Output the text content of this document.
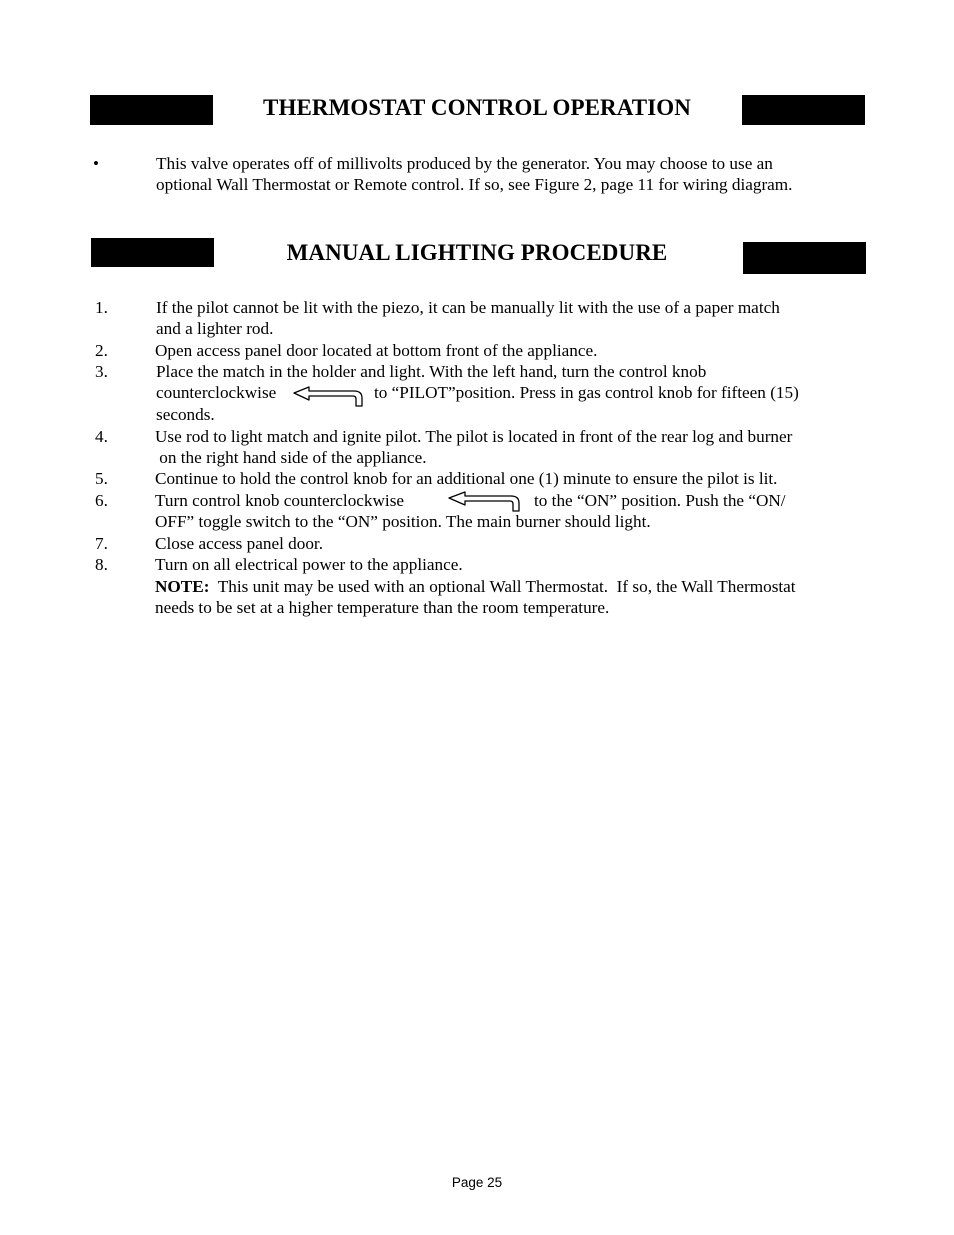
THERMOSTAT CONTROL OPERATION
•	This valve operates off of millivolts produced by the generator. You may choose to use an
optional Wall Thermostat or Remote control. If so, see Figure 2, page 11 for wiring diagram.
MANUAL LIGHTING PROCEDURE
1.	If the pilot cannot be lit with the piezo, it can be manually lit with the use of a paper match
and a lighter rod.
2.	Open access panel door located at bottom front of the appliance.
3.	Place the match in the holder and light. With the left hand, turn the control knob
counterclockwise	to “PILOT”position. Press in gas control knob for fifteen (15)
seconds.
4.	Use rod to light match and ignite pilot. The pilot is located in front of the rear log and burner
on the right hand side of the appliance.
5.	Continue to hold the control knob for an additional one (1) minute to ensure the pilot is lit.
6.	Turn control knob counterclockwise	to the “ON” position. Push the “ON/
OFF” toggle switch to the “ON” position. The main burner should light.
7.	Close access panel door.
8.	Turn on all electrical power to the appliance.
NOTE:  This unit may be used with an optional Wall Thermostat.  If so, the Wall Thermostat
needs to be set at a higher temperature than the room temperature.
Page 25
